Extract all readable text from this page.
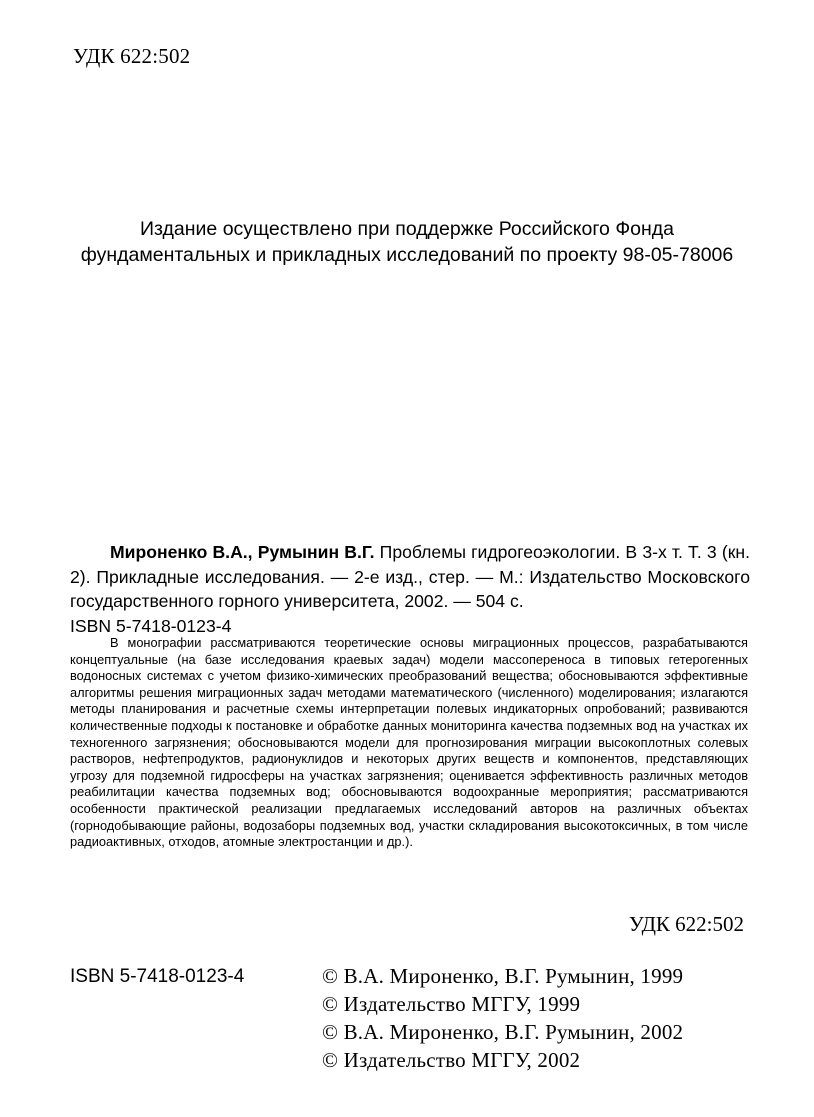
УДК 622:502
Издание осуществлено при поддержке Российского Фонда
фундаментальных и прикладных исследований по проекту 98-05-78006
Мироненко В.А., Румынин В.Г. Проблемы гидрогеоэкологии. В 3-х т. Т. 3 (кн. 2). Прикладные исследования. — 2-е изд., стер. — М.: Издательство Московского государственного горного университета, 2002. — 504 с.
ISBN 5-7418-0123-4
В монографии рассматриваются теоретические основы миграционных процессов, разрабатываются концептуальные (на базе исследования краевых задач) модели массопереноса в типовых гетерогенных водоносных системах с учетом физико-химических преобразований вещества; обосновываются эффективные алгоритмы решения миграционных задач методами математического (численного) моделирования; излагаются методы планирования и расчетные схемы интерпретации полевых индикаторных опробований; развиваются количественные подходы к постановке и обработке данных мониторинга качества подземных вод на участках их техногенного загрязнения; обосновываются модели для прогнозирования миграции высокоплотных солевых растворов, нефтепродуктов, радионуклидов и некоторых других веществ и компонентов, представляющих угрозу для подземной гидросферы на участках загрязнения; оценивается эффективность различных методов реабилитации качества подземных вод; обосновываются водоохранные мероприятия; рассматриваются особенности практической реализации предлагаемых исследований авторов на различных объектах (горнодобывающие районы, водозаборы подземных вод, участки складирования высокотоксичных, в том числе радиоактивных, отходов, атомные электростанции и др.).
УДК 622:502
ISBN 5-7418-0123-4	© В.А. Мироненко, В.Г. Румынин, 1999
© Издательство МГГУ, 1999
© В.А. Мироненко, В.Г. Румынин, 2002
© Издательство МГГУ, 2002
